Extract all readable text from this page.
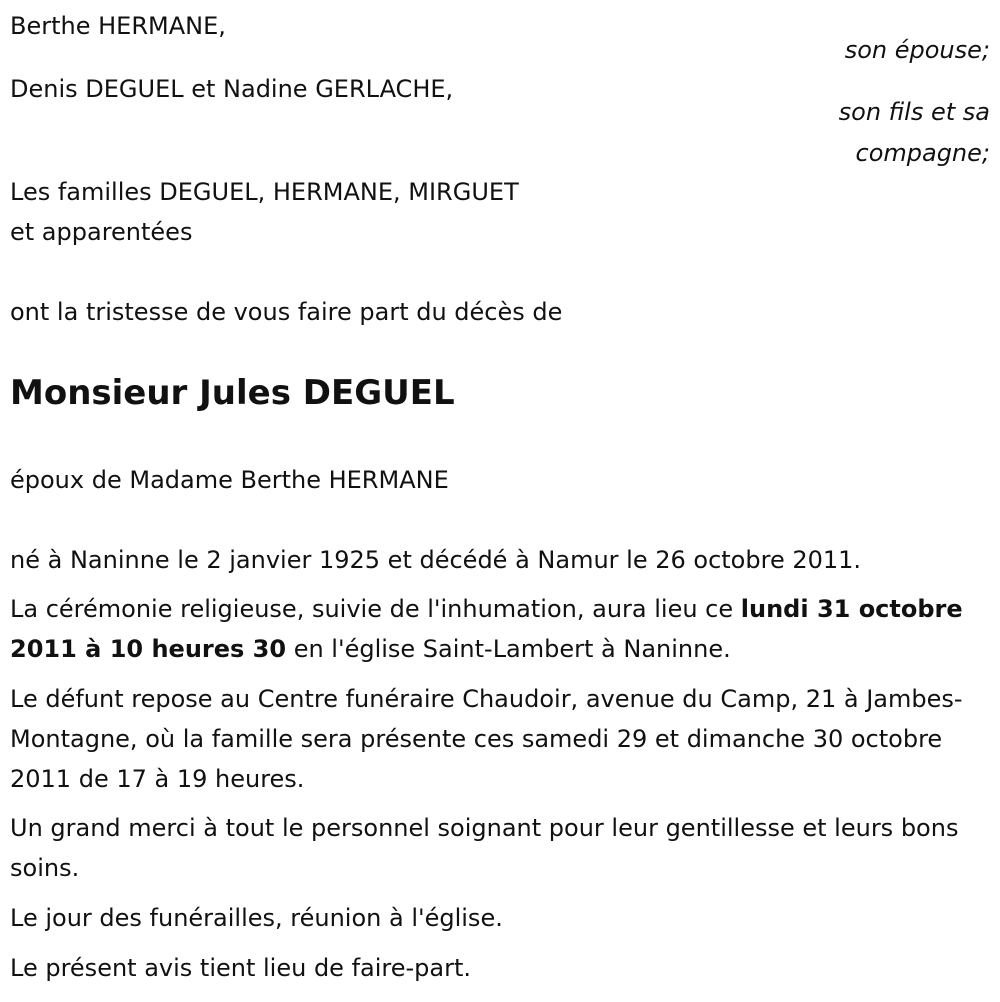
Berthe HERMANE,
son épouse;
Denis DEGUEL et Nadine GERLACHE,
son fils et sa
compagne;
Les familles DEGUEL, HERMANE, MIRGUET
et apparentées
ont la tristesse de vous faire part du décès de
Monsieur Jules DEGUEL
époux de Madame Berthe HERMANE
né à Naninne le 2 janvier 1925 et décédé à Namur le 26 octobre 2011.
La cérémonie religieuse, suivie de l'inhumation, aura lieu ce lundi 31 octobre 2011 à 10 heures 30 en l'église Saint-Lambert à Naninne.
Le défunt repose au Centre funéraire Chaudoir, avenue du Camp, 21 à Jambes-Montagne, où la famille sera présente ces samedi 29 et dimanche 30 octobre 2011 de 17 à 19 heures.
Un grand merci à tout le personnel soignant pour leur gentillesse et leurs bons soins.
Le jour des funérailles, réunion à l'église.
Le présent avis tient lieu de faire-part.
